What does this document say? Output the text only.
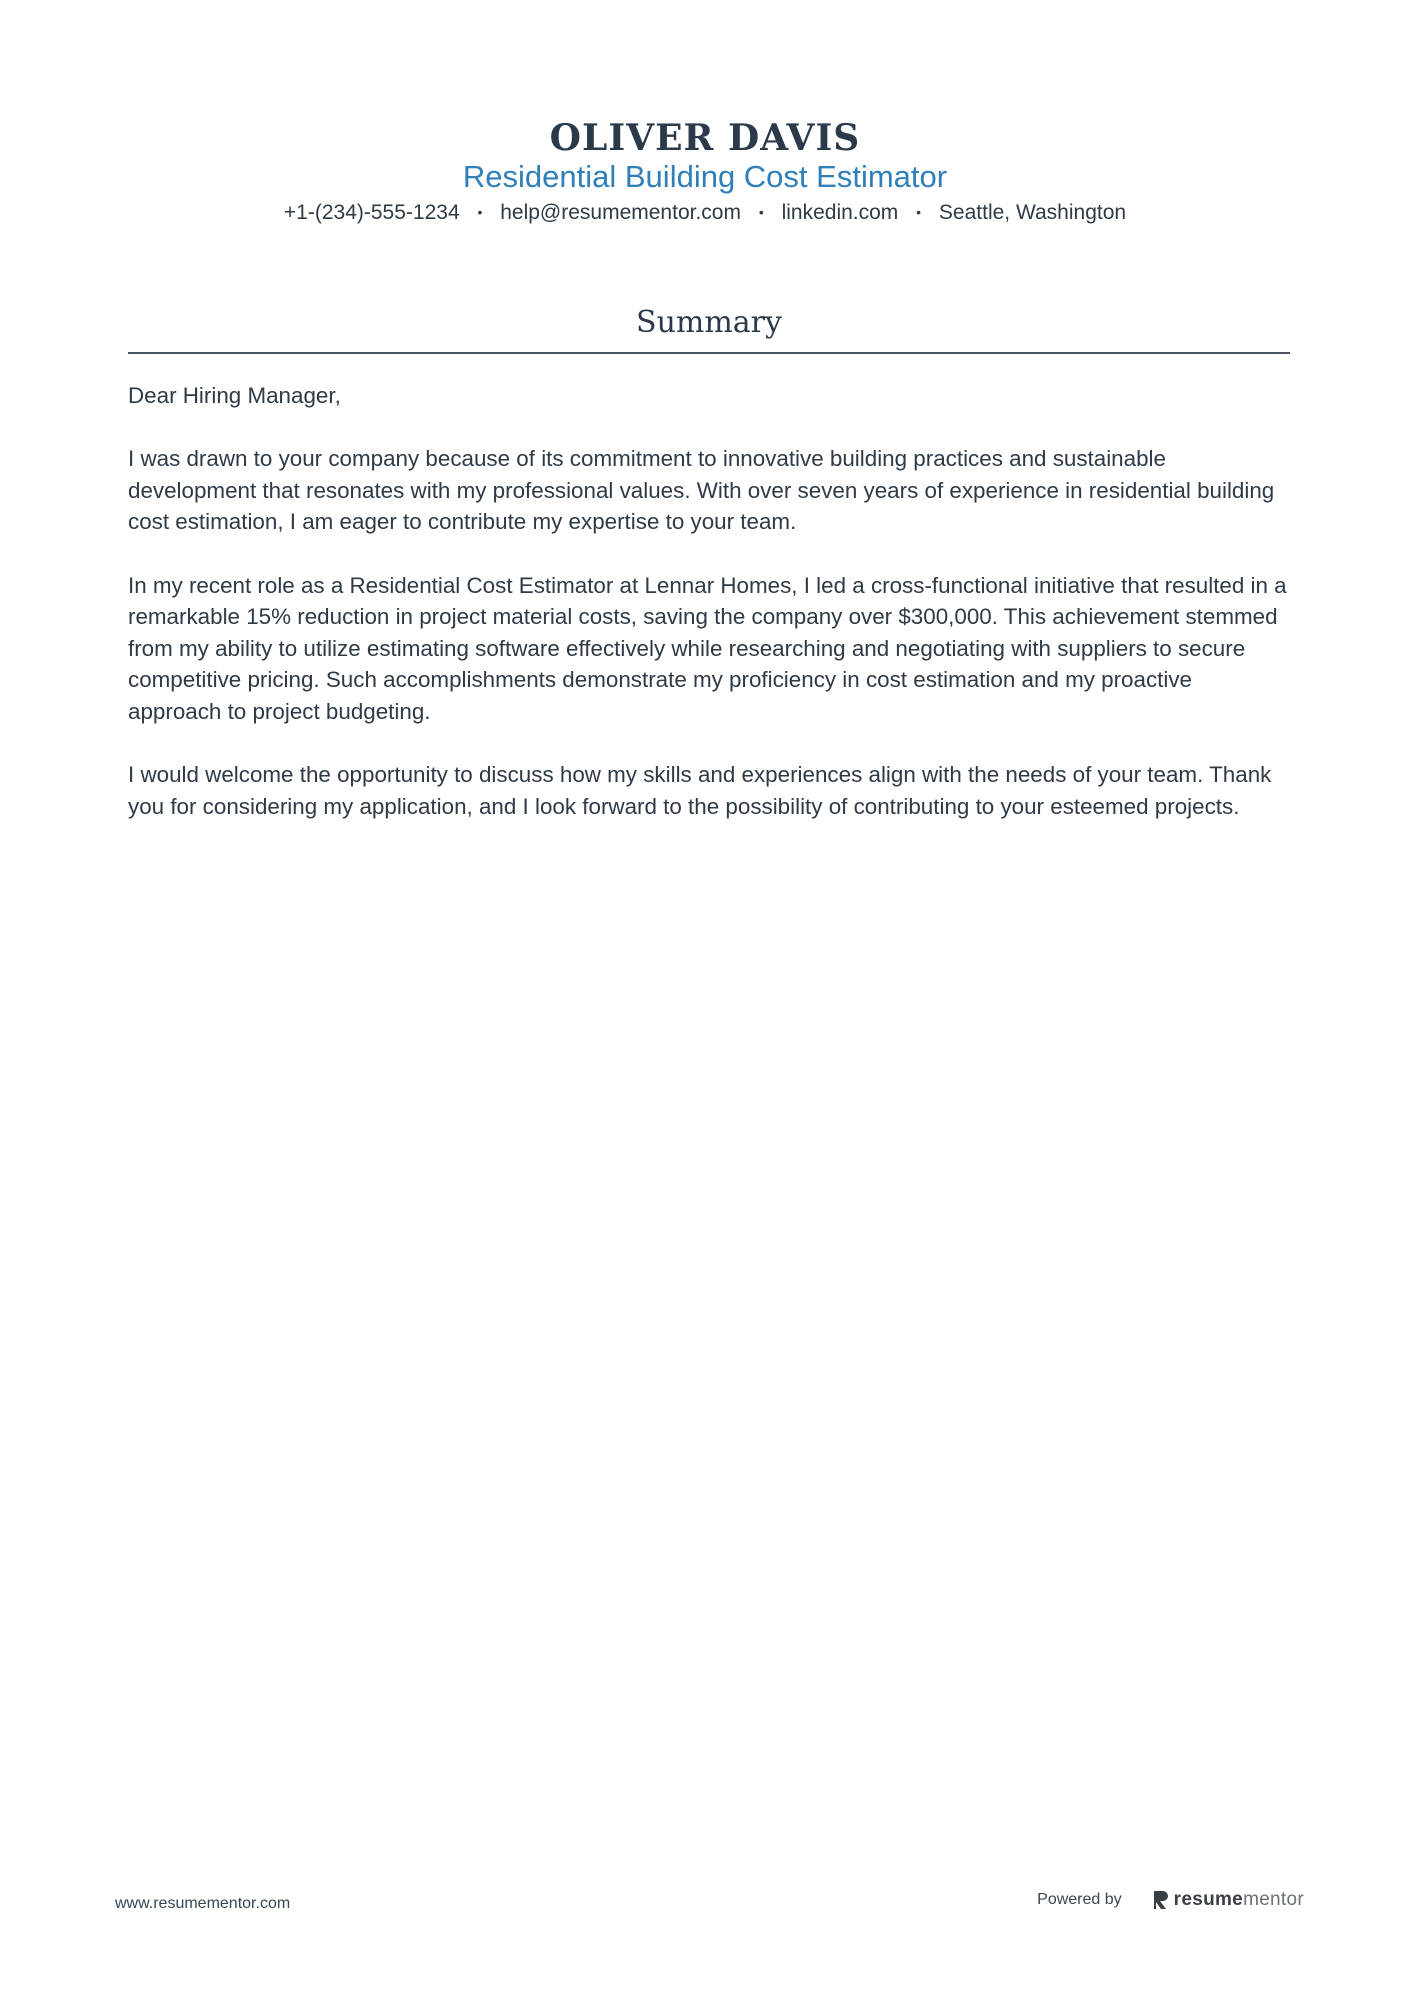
OLIVER DAVIS
Residential Building Cost Estimator
+1-(234)-555-1234 • help@resumementor.com • linkedin.com • Seattle, Washington
Summary

Dear Hiring Manager,

I was drawn to your company because of its commitment to innovative building practices and sustainable development that resonates with my professional values. With over seven years of experience in residential building cost estimation, I am eager to contribute my expertise to your team.

In my recent role as a Residential Cost Estimator at Lennar Homes, I led a cross-functional initiative that resulted in a remarkable 15% reduction in project material costs, saving the company over $300,000. This achievement stemmed from my ability to utilize estimating software effectively while researching and negotiating with suppliers to secure competitive pricing. Such accomplishments demonstrate my proficiency in cost estimation and my proactive approach to project budgeting.

I would welcome the opportunity to discuss how my skills and experiences align with the needs of your team. Thank you for considering my application, and I look forward to the possibility of contributing to your esteemed projects.

www.resumementor.com	Powered by	resumementor
